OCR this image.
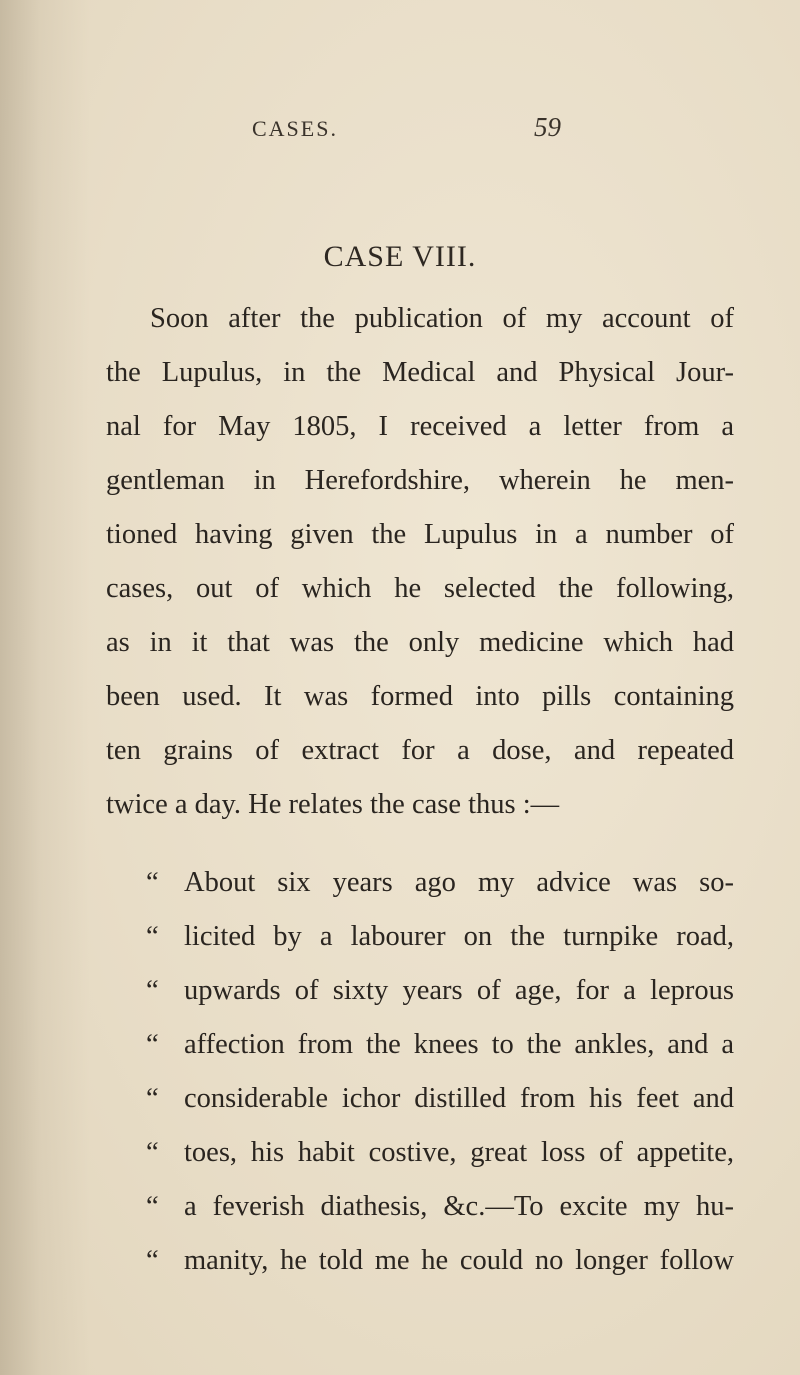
CASES.	59
CASE VIII.
Soon after the publication of my account of
the Lupulus, in the Medical and Physical Jour-
nal for May 1805, I received a letter from a
gentleman in Herefordshire, wherein he men-
tioned having given the Lupulus in a number of
cases, out of which he selected the following,
as in it that was the only medicine which had
been used. It was formed into pills containing
ten grains of extract for a dose, and repeated
twice a day. He relates the case thus :—
“ About six years ago my advice was so-
“ licited by a labourer on the turnpike road,
“ upwards of sixty years of age, for a leprous
“ affection from the knees to the ankles, and a
“ considerable ichor distilled from his feet and
“ toes, his habit costive, great loss of appetite,
“ a feverish diathesis, &c.—To excite my hu-
“ manity, he told me he could no longer follow
